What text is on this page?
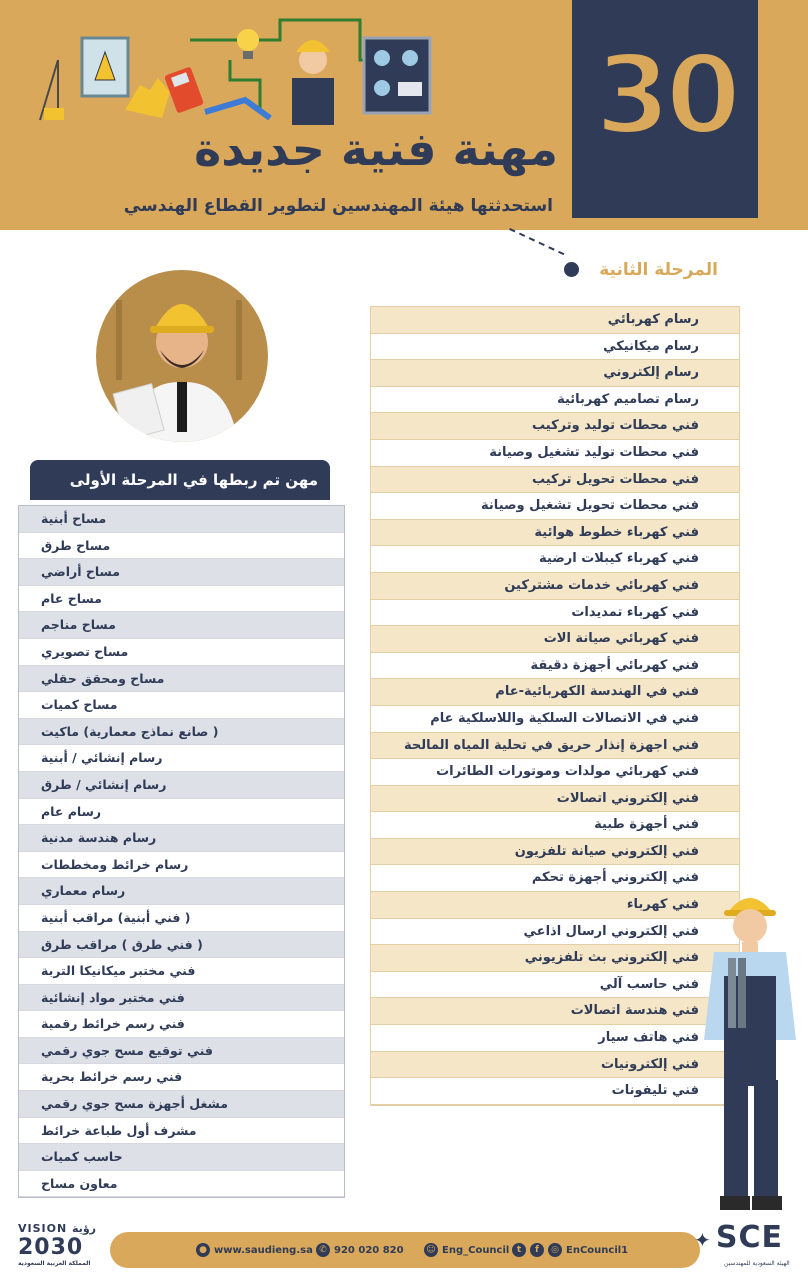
30
مهنة فنية جديدة
استحدثتها هيئة المهندسين لتطوير القطاع الهندسي
المرحلة الثانية
رسام كهربائي
رسام ميكانيكي
رسام إلكتروني
رسام تصاميم كهربائية
فني محطات توليد وتركيب
فني محطات توليد تشغيل وصيانة
فني محطات تحويل تركيب
فني محطات تحويل تشغيل وصيانة
فني كهرباء خطوط هوائية
فني كهرباء كيبلات ارضية
فني كهربائي خدمات مشتركين
فني كهرباء تمديدات
فني كهربائي صيانة الات
فني كهربائي أجهزة دقيقة
فني في الهندسة الكهربائية-عام
فني في الاتصالات السلكية واللاسلكية عام
فني اجهزة إنذار حريق في تحلية المياه المالحة
فني كهربائي مولدات وموتورات الطائرات
فني إلكتروني اتصالات
فني أجهزة طبية
فني إلكتروني صيانة تلفزيون
فني إلكتروني أجهزة تحكم
فني كهرباء
فني إلكتروني ارسال اذاعي
فني إلكتروني بث تلفزيوني
فني حاسب آلي
فني هندسة اتصالات
فني هاتف سيار
فني إلكترونيات
فني تليفونات
مهن تم ربطها في المرحلة الأولى
مساح أبنية
مساح طرق
مساح أراضي
مساح عام
مساح مناجم
مساح تصويري
مساح ومحقق حقلي
مساح كميات
( صانع نماذج معمارية) ماكيت
رسام إنشائي / أبنية
رسام إنشائي / طرق
رسام عام
رسام هندسة مدنية
رسام خرائط ومخططات
رسام معماري
( فني أبنية) مراقب أبنية
( فني طرق ) مراقب طرق
فني مختبر ميكانيكا التربة
فني مختبر مواد إنشائية
فني رسم خرائط رقمية
فني توقيع مسح جوي رقمي
فني رسم خرائط بحرية
مشغل أجهزة مسح جوي رقمي
مشرف أول طباعة خرائط
حاسب كميات
معاون مساح
VISION رؤية
2030
المملكة العربية السعودية
● www.saudieng.sa ✆ 920 020 820	☺ Eng_Council t f ◎ EnCouncil1	✦ SCE
الهيئة السعودية للمهندسين
